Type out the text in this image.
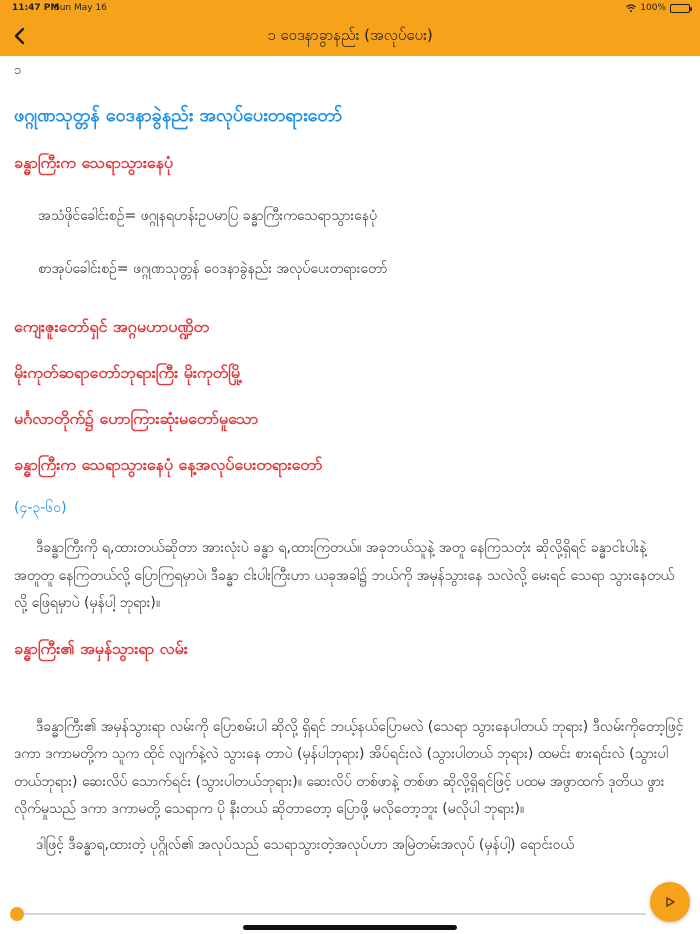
11:47 PM
Sun May 16	100%
၁ ဝေဒနာခွာနည်း (အလုပ်ပေး)
၁
ဖဂ္ဂုဏသုတ္တန် ဝေဒနာခွဲနည်း အလုပ်ပေးတရားတော်
ခန္ဓာကြီးက သေရာသွားနေပုံ
အသံဖိုင်ခေါင်းစဉ်= ဖဂ္ဂုနရဟန်းဥပမာပြ ခန္ဓာကြီးကသေရာသွားနေပုံ
စာအုပ်ခေါင်းစဉ်= ဖဂ္ဂုဏသုတ္တန် ဝေဒနာခွဲနည်း အလုပ်ပေးတရားတော်
ကျေးဇူးတော်ရှင် အဂ္ဂမဟာပဏ္ဍိတ
မိုးကုတ်ဆရာတော်ဘုရားကြီး မိုးကုတ်မြို့
မင်္ဂလာတိုက်၌ ဟောကြားဆုံးမတော်မူသော
ခန္ဓာကြီးက သေရာသွားနေပုံ နေ့အလုပ်ပေးတရားတော်
(၄-၃-၆၀)

ဒီခန္ဓာကြီးကို ရ,ထားတယ်ဆိုတာ အားလုံးပဲ ခန္ဓာ ရ,ထားကြတယ်။ အခုဘယ်သူနဲ့ အတူ နေကြသတုံး ဆိုလို့ရှိရင် ခန္ဓာငါးပါးနဲ့ အတူတူ နေကြတယ်လို့ ပြောကြရမှာပဲ၊ ဒီခန္ဓာ ငါးပါးကြီးဟာ ယခုအခါ၌ ဘယ်ကို အမှန်သွားနေ သလဲလို့ မေးရင် သေရာ သွားနေတယ်လို့ ဖြေရမှာပဲ (မှန်ပါ့ ဘုရား)။

ခန္ဓာကြီး၏ အမှန်သွားရာ လမ်း

ဒီခန္ဓာကြီး၏ အမှန်သွားရာ လမ်းကို ပြောစမ်းပါ ဆိုလို့ ရှိရင် ဘယ့်နယ်ပြောမလဲ (သေရာ သွားနေပါတယ် ဘုရား) ဒီလမ်းကိုတော့ဖြင့် ဒကာ ဒကာမတို့က သူက ထိုင် လျက်နဲ့လဲ သွားနေ တာပဲ (မှန်ပါဘုရား) အိပ်ရင်းလဲ (သွားပါတယ် ဘုရား) ထမင်း စားရင်းလဲ (သွားပါတယ်ဘုရား) ဆေးလိပ် သောက်ရင်း (သွားပါတယ်ဘုရား)။ ဆေးလိပ် တစ်ဖာနဲ့ တစ်ဖာ ဆိုလို့ရှိရင်ဖြင့် ပထမ အဖွာထက် ဒုတိယ ဖွားလိုက်မှုသည် ဒကာ ဒကာမတို့ သေရာက ပို နီးတယ် ဆိုတာတော့ ပြောဖို့ မလိုတော့ဘူး (မလိုပါ ဘုရား)။

ဒါဖြင့် ဒီခန္ဓာရ,ထားတဲ့ ပုဂ္ဂိုလ်၏ အလုပ်သည် သေရာသွားတဲ့အလုပ်ဟာ အမြဲတမ်းအလုပ် (မှန်ပါ့) ရောင်းဝယ်
